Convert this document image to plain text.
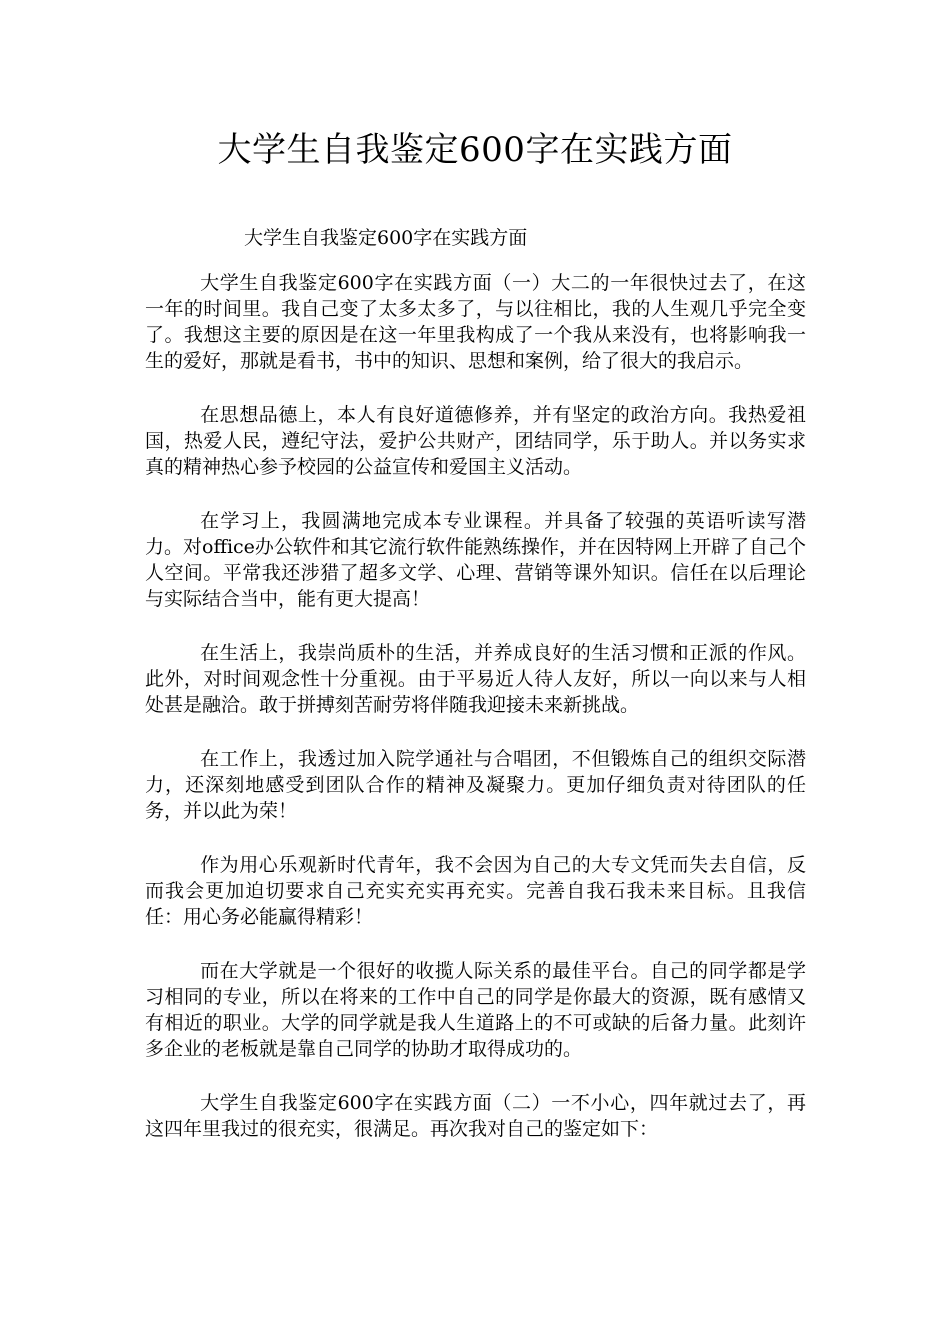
大学生自我鉴定600字在实践方面

大学生自我鉴定600字在实践方面

大学生自我鉴定600字在实践方面（一）大二的一年很快过去了，在这一年的时间里。我自己变了太多太多了，与以往相比，我的人生观几乎完全变了。我想这主要的原因是在这一年里我构成了一个我从来没有，也将影响我一生的爱好，那就是看书，书中的知识、思想和案例，给了很大的我启示。

在思想品德上，本人有良好道德修养，并有坚定的政治方向。我热爱祖国，热爱人民，遵纪守法，爱护公共财产，团结同学，乐于助人。并以务实求真的精神热心参予校园的公益宣传和爱国主义活动。

在学习上，我圆满地完成本专业课程。并具备了较强的英语听读写潜力。对office办公软件和其它流行软件能熟练操作，并在因特网上开辟了自己个人空间。平常我还涉猎了超多文学、心理、营销等课外知识。信任在以后理论与实际结合当中，能有更大提高！

在生活上，我崇尚质朴的生活，并养成良好的生活习惯和正派的作风。此外，对时间观念性十分重视。由于平易近人待人友好，所以一向以来与人相处甚是融洽。敢于拼搏刻苦耐劳将伴随我迎接未来新挑战。

在工作上，我透过加入院学通社与合唱团，不但锻炼自己的组织交际潜力，还深刻地感受到团队合作的精神及凝聚力。更加仔细负责对待团队的任务，并以此为荣！

作为用心乐观新时代青年，我不会因为自己的大专文凭而失去自信，反而我会更加迫切要求自己充实充实再充实。完善自我石我未来目标。且我信任：用心务必能赢得精彩！

而在大学就是一个很好的收揽人际关系的最佳平台。自己的同学都是学习相同的专业，所以在将来的工作中自己的同学是你最大的资源，既有感情又有相近的职业。大学的同学就是我人生道路上的不可或缺的后备力量。此刻许多企业的老板就是靠自己同学的协助才取得成功的。

大学生自我鉴定600字在实践方面（二）一不小心，四年就过去了，再这四年里我过的很充实，很满足。再次我对自己的鉴定如下：
